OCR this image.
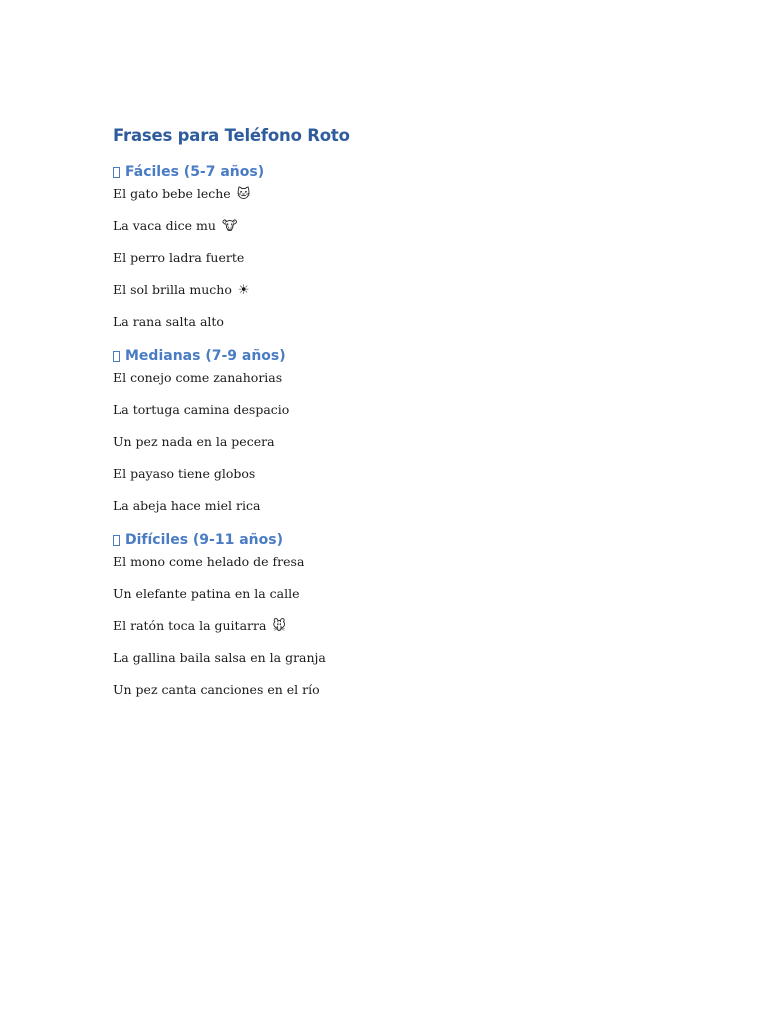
Frases para Teléfono Roto
Fáciles (5-7 años)

El gato bebe leche 🐱

La vaca dice mu 🐮

El perro ladra fuerte

El sol brilla mucho ☀

La rana salta alto

Medianas (7-9 años)

El conejo come zanahorias

La tortuga camina despacio

Un pez nada en la pecera

El payaso tiene globos

La abeja hace miel rica

Difíciles (9-11 años)

El mono come helado de fresa

Un elefante patina en la calle

El ratón toca la guitarra 🐭

La gallina baila salsa en la granja

Un pez canta canciones en el río
